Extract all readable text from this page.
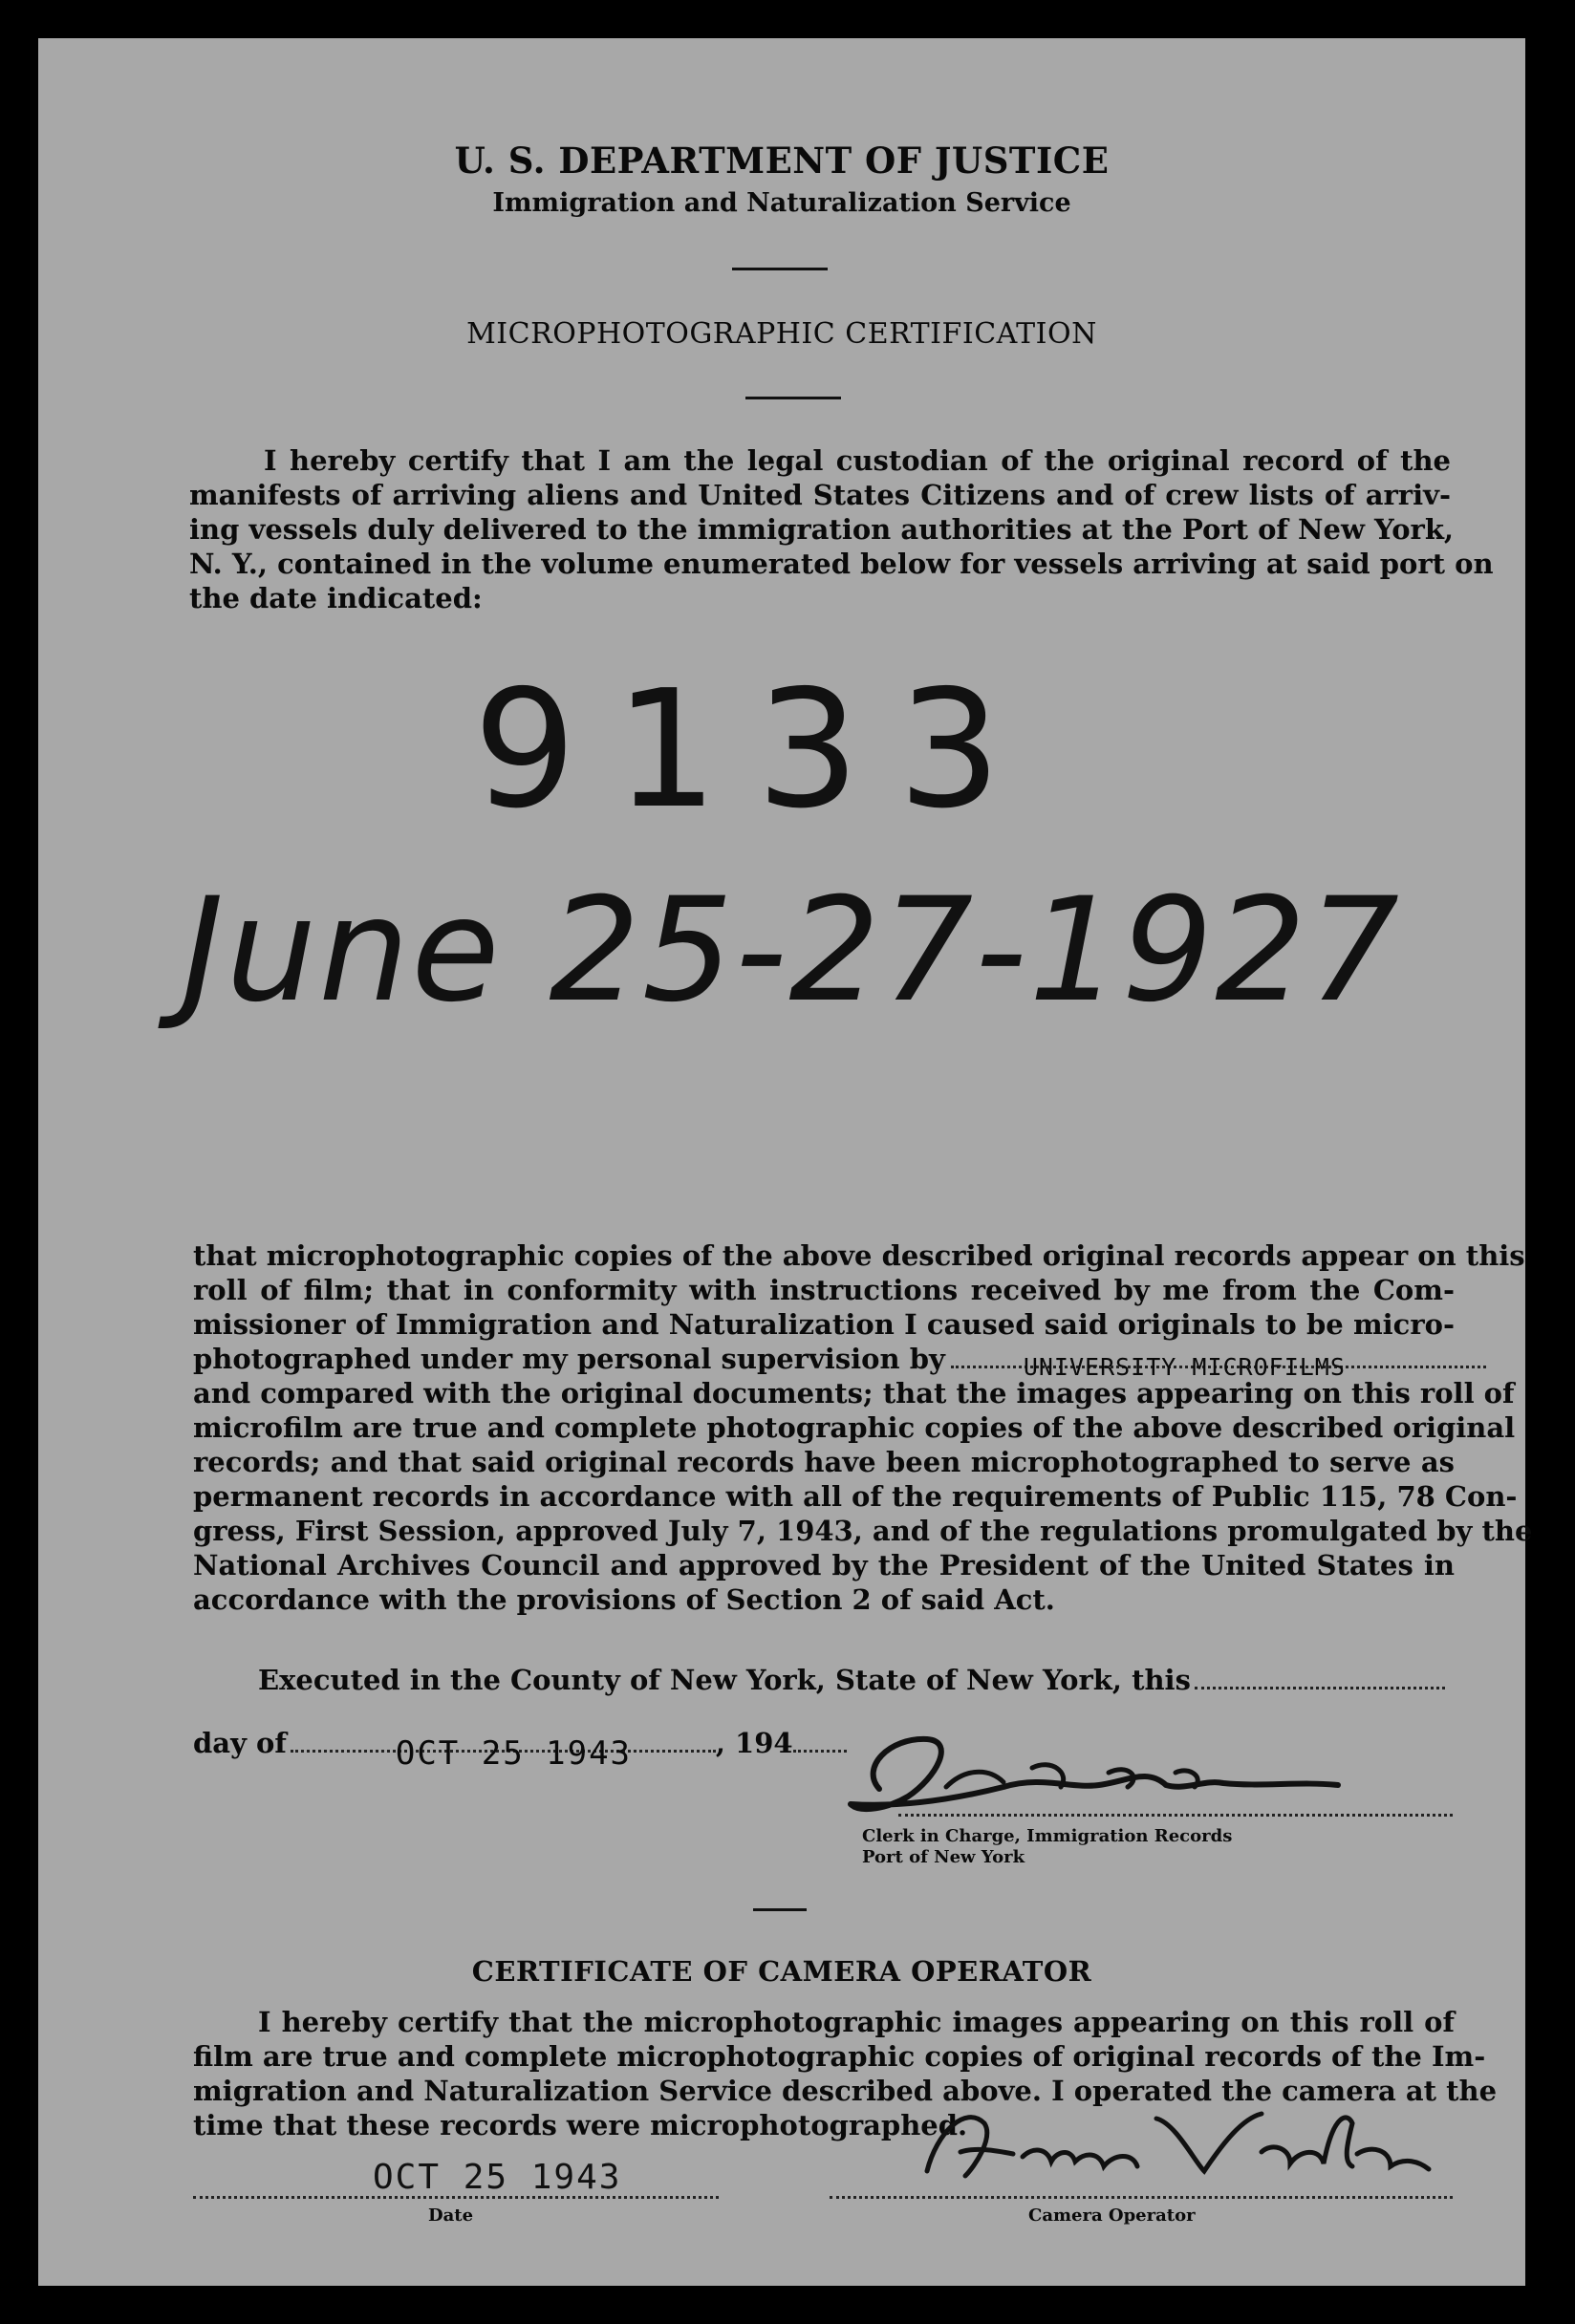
U. S. DEPARTMENT OF JUSTICE
Immigration and Naturalization Service
MICROPHOTOGRAPHIC CERTIFICATION
I hereby certify that I am the legal custodian of the original record of the
manifests of arriving aliens and United States Citizens and of crew lists of arriv-
ing vessels duly delivered to the immigration authorities at the Port of New York,
N. Y., contained in the volume enumerated below for vessels arriving at said port on
the date indicated:
9133
June 25-27-1927
that microphotographic copies of the above described original records appear on this
roll of film; that in conformity with instructions received by me from the Com-
missioner of Immigration and Naturalization I caused said originals to be micro-
photographed under my personal supervision by	UNIVERSITY MICROFILMS
and compared with the original documents; that the images appearing on this roll of
microfilm are true and complete photographic copies of the above described original
records; and that said original records have been microphotographed to serve as
permanent records in accordance with all of the requirements of Public 115, 78 Con-
gress, First Session, approved July 7, 1943, and of the regulations promulgated by the
National Archives Council and approved by the President of the United States in
accordance with the provisions of Section 2 of said Act.
Executed in the County of New York, State of New York, this
day of	OCT 25 1943	, 194
Clerk in Charge, Immigration Records
Port of New York
CERTIFICATE OF CAMERA OPERATOR
I hereby certify that the microphotographic images appearing on this roll of
film are true and complete microphotographic copies of original records of the Im-
migration and Naturalization Service described above. I operated the camera at the
time that these records were microphotographed.
OCT 25 1943
Date	Camera Operator
